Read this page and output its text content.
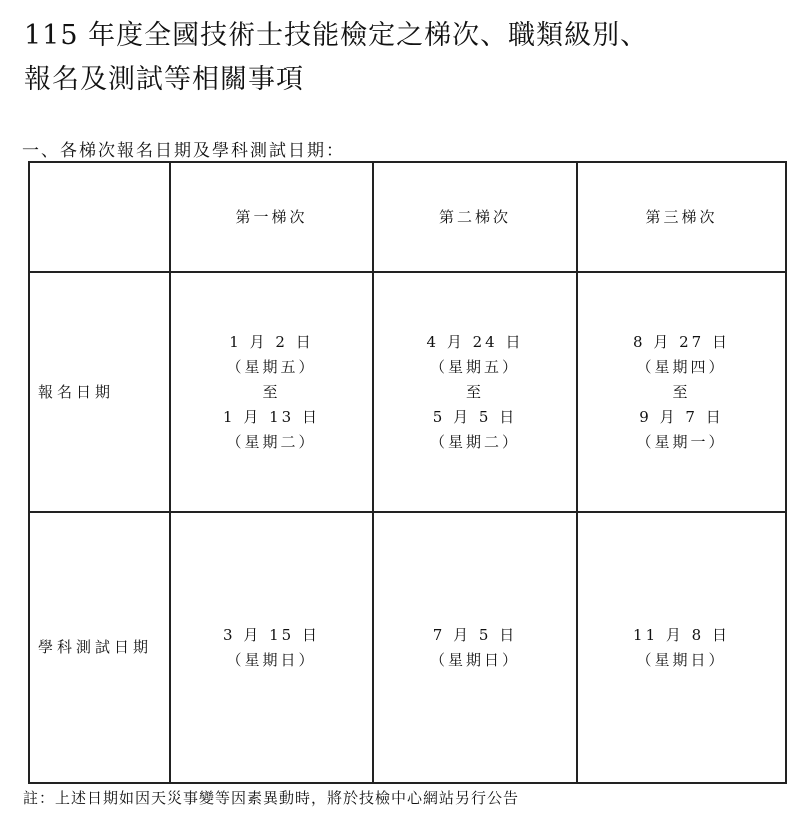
115 年度全國技術士技能檢定之梯次、職類級別、
報名及測試等相關事項
一、各梯次報名日期及學科測試日期：
	第一梯次	第二梯次	第三梯次
報名日期	1 月 2 日
（星期五）
至
1 月 13 日
（星期二）	4 月 24 日
（星期五）
至
5 月 5 日
（星期二）	8 月 27 日
（星期四）
至
9 月 7 日
（星期一）

學科測試日期	3 月 15 日
（星期日）	7 月 5 日
（星期日）	11 月 8 日
（星期日）
註：上述日期如因天災事變等因素異動時，將於技檢中心網站另行公告
